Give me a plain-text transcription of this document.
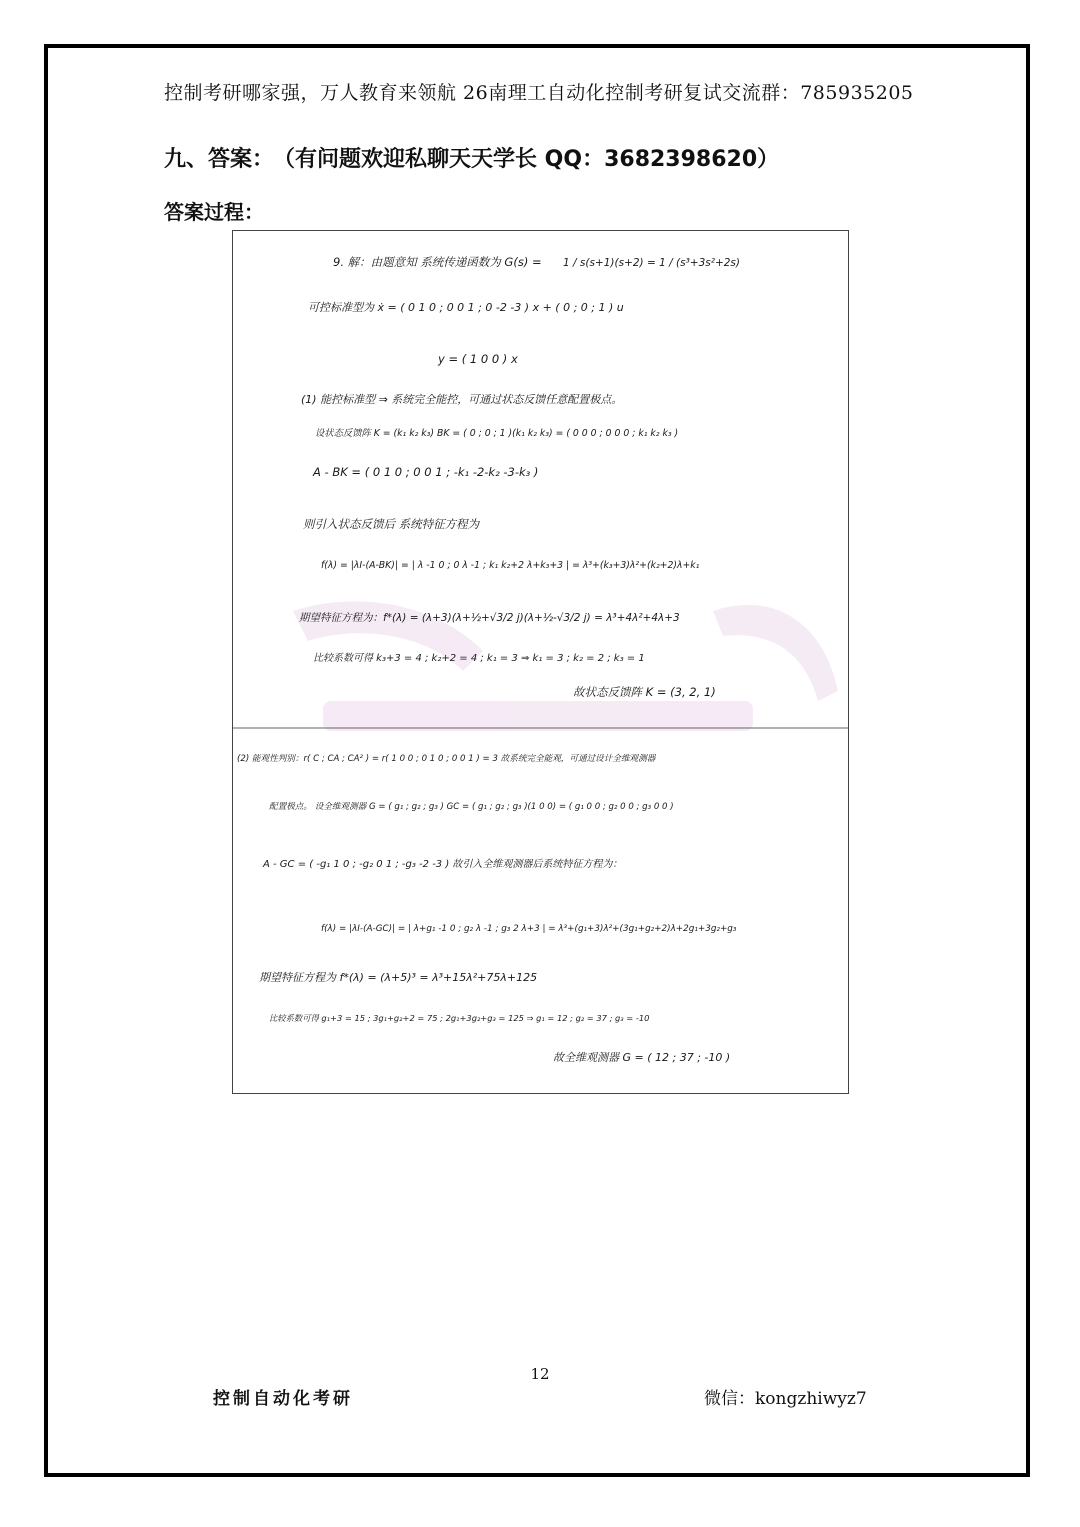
控制考研哪家强，万人教育来领航 26南理工自动化控制考研复试交流群：785935205
九、答案： （有问题欢迎私聊天天学长 QQ：3682398620）
答案过程：
9. 解：由题意知 系统传递函数为 G(s) = 1 / s(s+1)(s+2) = 1 / (s³+3s²+2s)
可控标准型为 ẋ = ( 0 1 0 ; 0 0 1 ; 0 -2 -3 ) x + ( 0 ; 0 ; 1 ) u
y = ( 1 0 0 ) x
(1) 能控标准型 ⇒ 系统完全能控，可通过状态反馈任意配置极点。
设状态反馈阵 K = (k₁ k₂ k₃) BK = ( 0 ; 0 ; 1 )(k₁ k₂ k₃) = ( 0 0 0 ; 0 0 0 ; k₁ k₂ k₃ )
A - BK = ( 0 1 0 ; 0 0 1 ; -k₁ -2-k₂ -3-k₃ )
则引入状态反馈后 系统特征方程为
f(λ) = |λI-(A-BK)| = | λ -1 0 ; 0 λ -1 ; k₁ k₂+2 λ+k₃+3 | = λ³+(k₃+3)λ²+(k₂+2)λ+k₁
期望特征方程为：f*(λ) = (λ+3)(λ+½+√3/2 j)(λ+½-√3/2 j) = λ³+4λ²+4λ+3
比较系数可得 k₃+3 = 4 ; k₂+2 = 4 ; k₁ = 3 ⇒ k₁ = 3 ; k₂ = 2 ; k₃ = 1
故状态反馈阵 K = (3, 2, 1)
(2) 能观性判别：r( C ; CA ; CA² ) = r( 1 0 0 ; 0 1 0 ; 0 0 1 ) = 3 故系统完全能观，可通过设计全维观测器
配置极点。 设全维观测器 G = ( g₁ ; g₂ ; g₃ ) GC = ( g₁ ; g₂ ; g₃ )(1 0 0) = ( g₁ 0 0 ; g₂ 0 0 ; g₃ 0 0 )
A - GC = ( -g₁ 1 0 ; -g₂ 0 1 ; -g₃ -2 -3 ) 故引入全维观测器后系统特征方程为：
f(λ) = |λI-(A-GC)| = | λ+g₁ -1 0 ; g₂ λ -1 ; g₃ 2 λ+3 | = λ³+(g₁+3)λ²+(3g₁+g₂+2)λ+2g₁+3g₂+g₃
期望特征方程为 f*(λ) = (λ+5)³ = λ³+15λ²+75λ+125
比较系数可得 g₁+3 = 15 ; 3g₁+g₂+2 = 75 ; 2g₁+3g₂+g₃ = 125 ⇒ g₁ = 12 ; g₂ = 37 ; g₃ = -10
故全维观测器 G = ( 12 ; 37 ; -10 )
12
控制自动化考研	微信：kongzhiwyz7
